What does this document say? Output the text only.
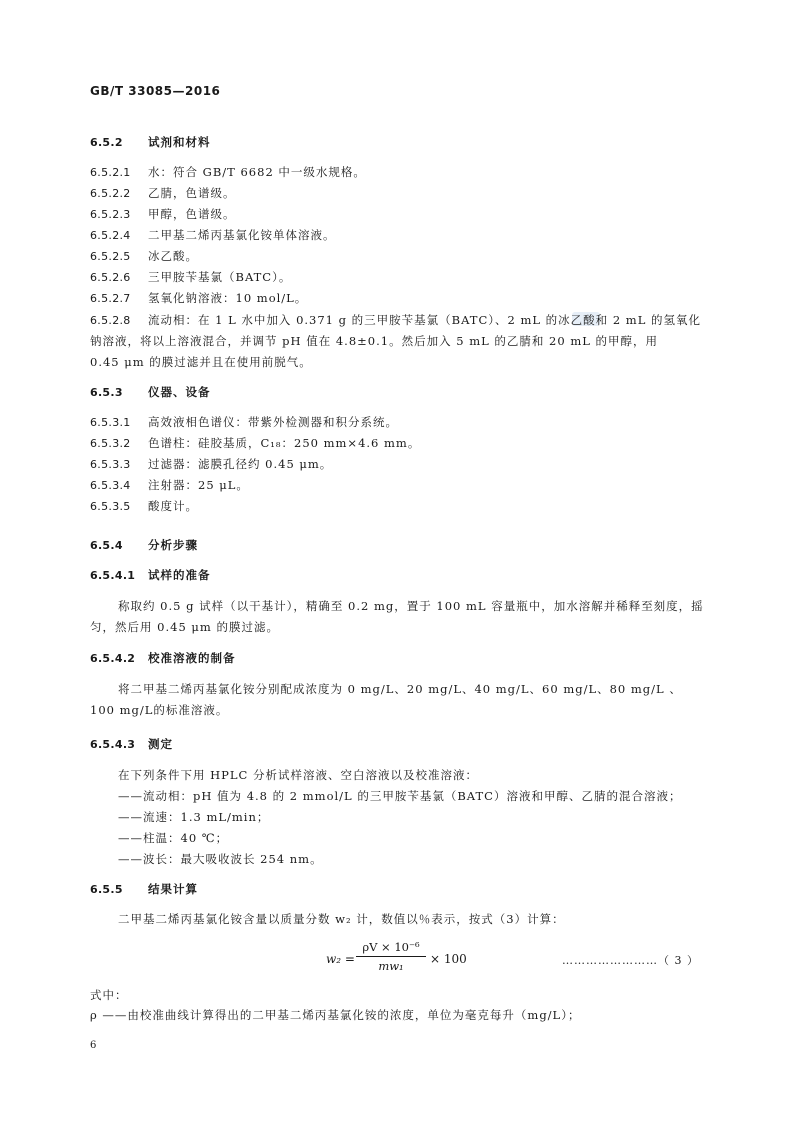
GB/T 33085—2016
6.5.2 试剂和材料
6.5.2.1 水：符合 GB/T 6682 中一级水规格。
6.5.2.2 乙腈，色谱级。
6.5.2.3 甲醇，色谱级。
6.5.2.4 二甲基二烯丙基氯化铵单体溶液。
6.5.2.5 冰乙酸。
6.5.2.6 三甲胺苄基氯（BATC）。
6.5.2.7 氢氧化钠溶液：10 mol/L。
6.5.2.8 流动相：在 1 L 水中加入 0.371 g 的三甲胺苄基氯（BATC）、2 mL 的冰乙酸和 2 mL 的氢氧化
钠溶液，将以上溶液混合，并调节 pH 值在 4.8±0.1。然后加入 5 mL 的乙腈和 20 mL 的甲醇，用
0.45 μm 的膜过滤并且在使用前脱气。
6.5.3 仪器、设备
6.5.3.1 高效液相色谱仪：带紫外检测器和积分系统。
6.5.3.2 色谱柱：硅胶基质，C₁₈：250 mm×4.6 mm。
6.5.3.3 过滤器：滤膜孔径约 0.45 μm。
6.5.3.4 注射器：25 μL。
6.5.3.5 酸度计。
6.5.4 分析步骤
6.5.4.1 试样的准备
称取约 0.5 g 试样（以干基计），精确至 0.2 mg，置于 100 mL 容量瓶中，加水溶解并稀释至刻度，摇
匀，然后用 0.45 μm 的膜过滤。
6.5.4.2 校准溶液的制备
将二甲基二烯丙基氯化铵分别配成浓度为 0 mg/L、20 mg/L、40 mg/L、60 mg/L、80 mg/L 、
100 mg/L的标准溶液。
6.5.4.3 测定
在下列条件下用 HPLC 分析试样溶液、空白溶液以及校准溶液：
——流动相：pH 值为 4.8 的 2 mmol/L 的三甲胺苄基氯（BATC）溶液和甲醇、乙腈的混合溶液；
——流速：1.3 mL/min；
——柱温：40 ℃；
——波长：最大吸收波长 254 nm。
6.5.5 结果计算
二甲基二烯丙基氯化铵含量以质量分数 w₂ 计，数值以％表示，按式（3）计算：
w₂ =
ρV × 10⁻⁶
mw₁	× 100	……………………（ 3 ）
式中：
ρ ——由校准曲线计算得出的二甲基二烯丙基氯化铵的浓度，单位为毫克每升（mg/L）；
6
